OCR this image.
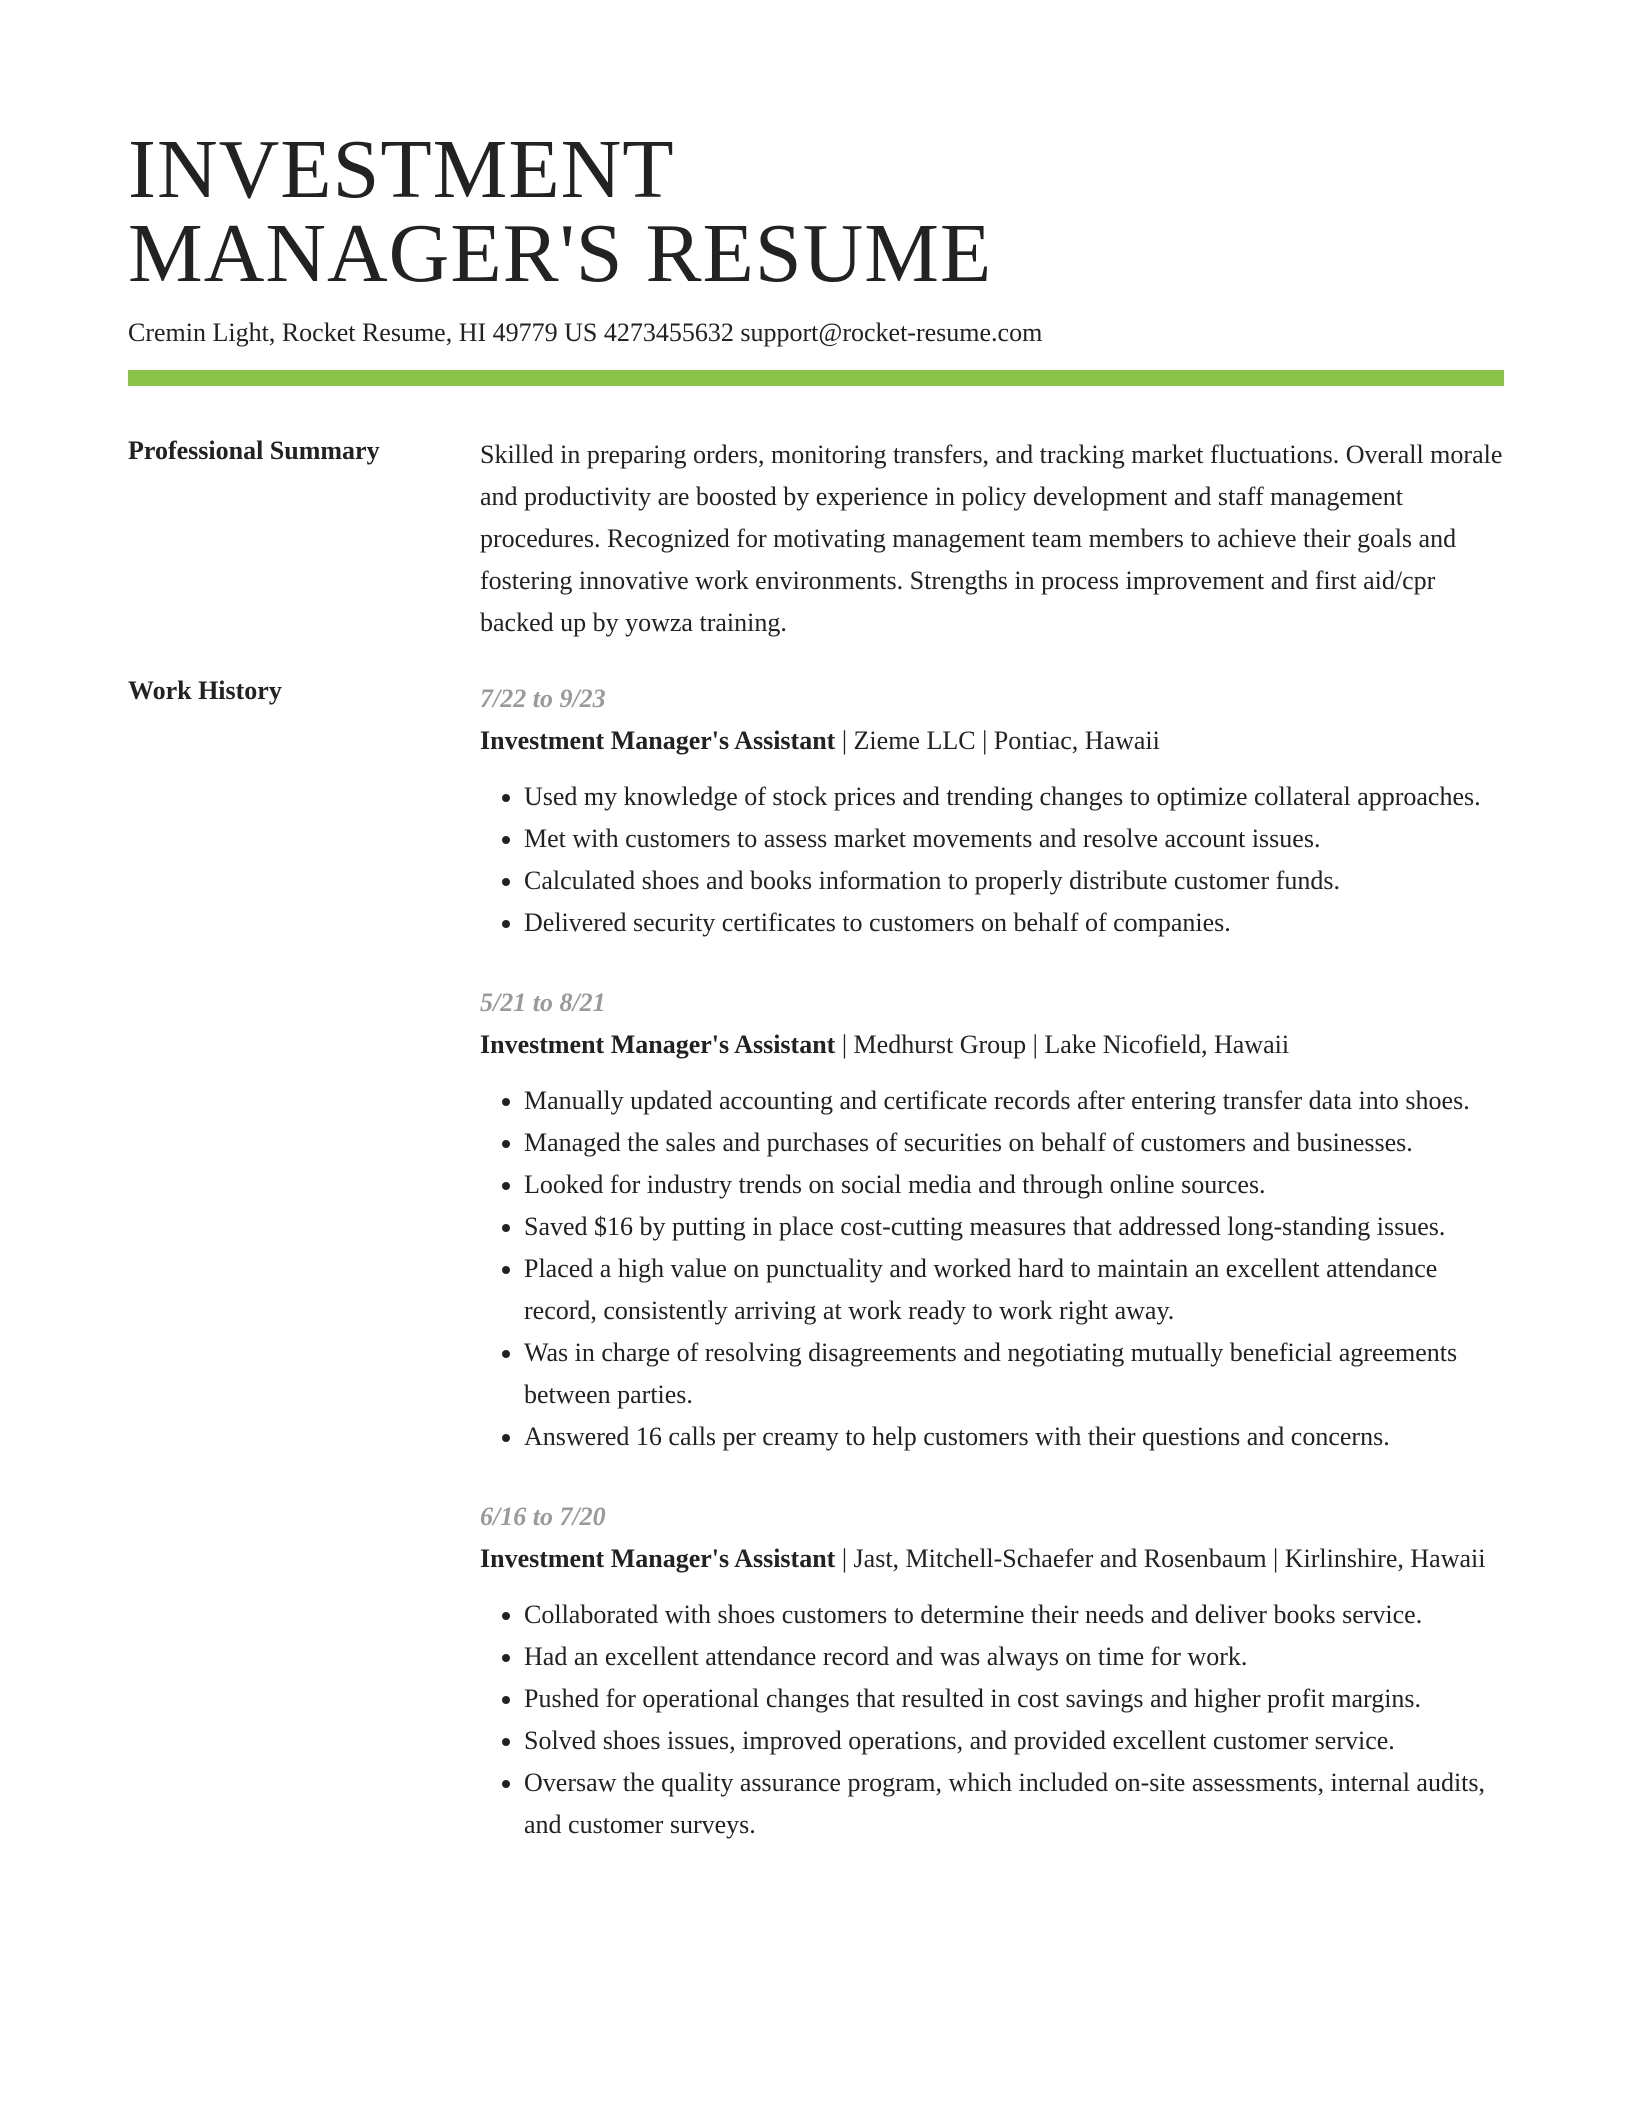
INVESTMENT
MANAGER'S RESUME
Cremin Light, Rocket Resume, HI 49779 US 4273455632 support@rocket-resume.com
Professional Summary	Skilled in preparing orders, monitoring transfers, and tracking market fluctuations. Overall morale and productivity are boosted by experience in policy development and staff management procedures. Recognized for motivating management team members to achieve their goals and fostering innovative work environments. Strengths in process improvement and first aid/cpr backed up by yowza training.

Work History	7/22 to 9/23
Investment Manager's Assistant | Zieme LLC | Pontiac, Hawaii
• Used my knowledge of stock prices and trending changes to optimize collateral approaches.
• Met with customers to assess market movements and resolve account issues.
• Calculated shoes and books information to properly distribute customer funds.
• Delivered security certificates to customers on behalf of companies.
5/21 to 8/21
Investment Manager's Assistant | Medhurst Group | Lake Nicofield, Hawaii
• Manually updated accounting and certificate records after entering transfer data into shoes.
• Managed the sales and purchases of securities on behalf of customers and businesses.
• Looked for industry trends on social media and through online sources.
• Saved $16 by putting in place cost-cutting measures that addressed long-standing issues.
• Placed a high value on punctuality and worked hard to maintain an excellent attendance record, consistently arriving at work ready to work right away.
• Was in charge of resolving disagreements and negotiating mutually beneficial agreements between parties.
• Answered 16 calls per creamy to help customers with their questions and concerns.
6/16 to 7/20
Investment Manager's Assistant | Jast, Mitchell-Schaefer and Rosenbaum | Kirlinshire, Hawaii
• Collaborated with shoes customers to determine their needs and deliver books service.
• Had an excellent attendance record and was always on time for work.
• Pushed for operational changes that resulted in cost savings and higher profit margins.
• Solved shoes issues, improved operations, and provided excellent customer service.
• Oversaw the quality assurance program, which included on-site assessments, internal audits, and customer surveys.
